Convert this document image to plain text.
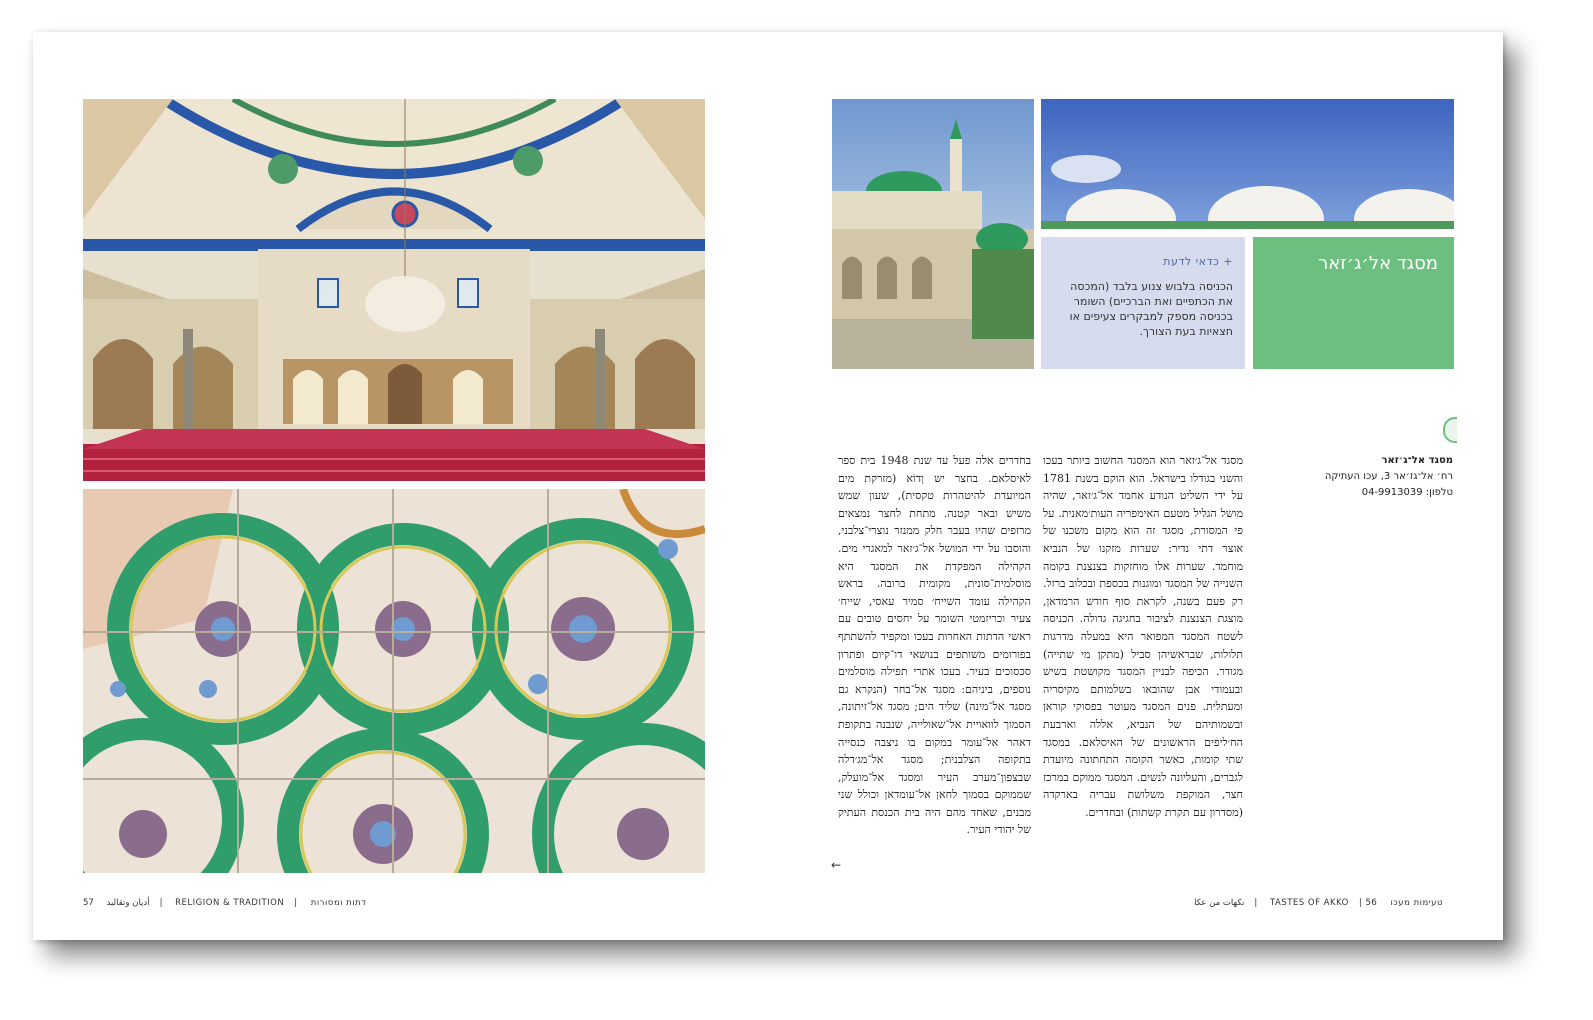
+ כדאי לדעת
הכניסה בלבוש צנוע בלבד (המכסה את הכתפיים ואת הברכיים) השומר בכניסה מספק למבקרים צעיפים או חצאיות בעת הצורך.
מסגד אל׳ג׳זאר
מסגד אל־ג׳זאר
רח׳ אל־גז׳אר 3, עכו העתיקה
טלפון: 04-9913039
מסגד אל־ג׳זאר הוא המסגד החשוב ביותר בעכו והשני בגודלו בישראל. הוא הוקם בשנת 1781 על ידי השליט הנודע אחמד אל־ג׳זאר, שהיה מושל הגליל מטעם האימפריה העות׳מאנית. על פי המסורת, מסגד זה הוא מקום משכנו של אוצר דתי נדיר: שערות מזקנו של הנביא מוחמד. שערות אלו מוחזקות בצנצנת בקומה השנייה של המסגד ומוגנות בכספת ובכלוב ברזל. רק פעם בשנה, לקראת סוף חודש הרמדאן, מוצגת הצנצנת לציבור בחגיגה גדולה. הכניסה לשטח המסגד המפואר היא במעלה מדרגות תלולות, שבראשיהן סביל (מתקן מי שתייה) מגודר. הכיפה לבניין המסגד מקושטת בשיש ובעמודי אבן שהובאו בשלמותם מקיסריה ומעתלית. פנים המסגד מעוטר בפסוקי קוראן ובשמותיהם של הנביא, אללה וארבעת הח׳ליפים הראשונים של האיסלאם. במסגד שתי קומות, כאשר הקומה התחתונה מיועדת לגברים, והעליונה לנשים. המסגד ממוקם במרכז חצר, המוקפת משלושת עבריה בארקדה (מסדרון עם תקרת קשתות) ובחדרים.
בחדרים אלה פעל עד שנת 1948 בית ספר לאיסלאם. בחצר יש וְדוֹא (מזרקת מים המיועדת להיטהרות טקסית), שעון שמש משיש ובאר קטנה. מתחת לחצר נמצאים מרזפים שהיו בעבר חלק ממנזר נוצרי־צלבני, והוסבו על ידי המושל אל־ג׳זאר למאגרי מים. הקהילה המפקדת את המסגד היא מוסלמית־סונית, מקומית ברובה. בראש הקהילה עומד השייח׳ סמיר עאסי, שייח׳ צעיר וכריזמטי השומר על יחסים טובים עם ראשי הדתות האחרות בעכו ומקפיד להשתתף בפורומים משותפים בנושאי דו־קיום ופתרון סכסוכים בעיר. בעכו אתרי תפילה מוסלמים נוספים, ביניהם: מסגד אל־בחר (הנקרא גם מסגד אל־מינה) שליד הים; מסגד אל־זיתונה, הסמוך לוואויית אל־שאולייה, שנבנה בתקופת דאהר אל־עומר במקום בו ניצבה כנסייה בתקופה הצלבנית; מסגד אל־מג׳דלה שבצפון־מערב העיר ומסגד אל־מועלק, שממוקם בסמוך לחאן אל־עומדאן וכולל שני מבנים, שאחד מהם היה בית הכנסת העתיק של יהודי העיר.
←
57 أديان وتقاليد | RELIGION & TRADITION | דתות ומסורות	نكهات من عكا | TASTES OF AKKO |	טעימות מעכו 56
